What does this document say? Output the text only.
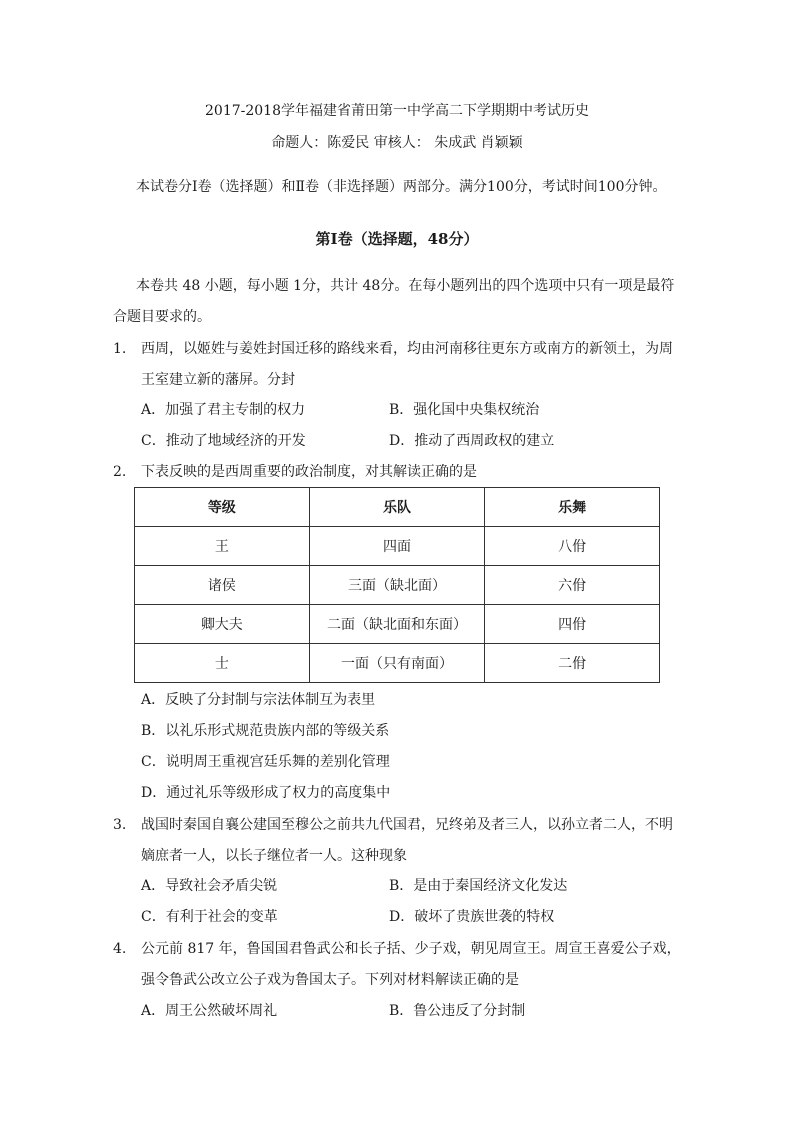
2017-2018学年福建省莆田第一中学高二下学期期中考试历史
命题人：陈爱民 审核人： 朱成武 肖颖颖
本试卷分Ⅰ卷（选择题）和Ⅱ卷（非选择题）两部分。满分100分，考试时间100分钟。
第Ⅰ卷（选择题，48分）
本卷共 48 小题，每小题 1分，共计 48分。在每小题列出的四个选项中只有一项是最符
合题目要求的。
1. 西周，以姬姓与姜姓封国迁移的路线来看，均由河南移往更东方或南方的新领土，为周
王室建立新的藩屏。分封
A．加强了君主专制的权力	B．强化国中央集权统治
C．推动了地域经济的开发	D．推动了西周政权的建立
2. 下表反映的是西周重要的政治制度，对其解读正确的是
等级	乐队	乐舞
王	四面	八佾
诸侯	三面（缺北面）	六佾
卿大夫	二面（缺北面和东面）	四佾
士	一面（只有南面）	二佾
A．反映了分封制与宗法体制互为表里
B．以礼乐形式规范贵族内部的等级关系
C．说明周王重视宫廷乐舞的差别化管理
D．通过礼乐等级形成了权力的高度集中
3. 战国时秦国自襄公建国至穆公之前共九代国君，兄终弟及者三人，以孙立者二人，不明
嫡庶者一人，以长子继位者一人。这种现象
A．导致社会矛盾尖锐	B．是由于秦国经济文化发达
C．有利于社会的变革	D．破坏了贵族世袭的特权
4. 公元前 817 年，鲁国国君鲁武公和长子括、少子戏，朝见周宣王。周宣王喜爱公子戏，
强令鲁武公改立公子戏为鲁国太子。下列对材料解读正确的是
A．周王公然破坏周礼	B．鲁公违反了分封制
